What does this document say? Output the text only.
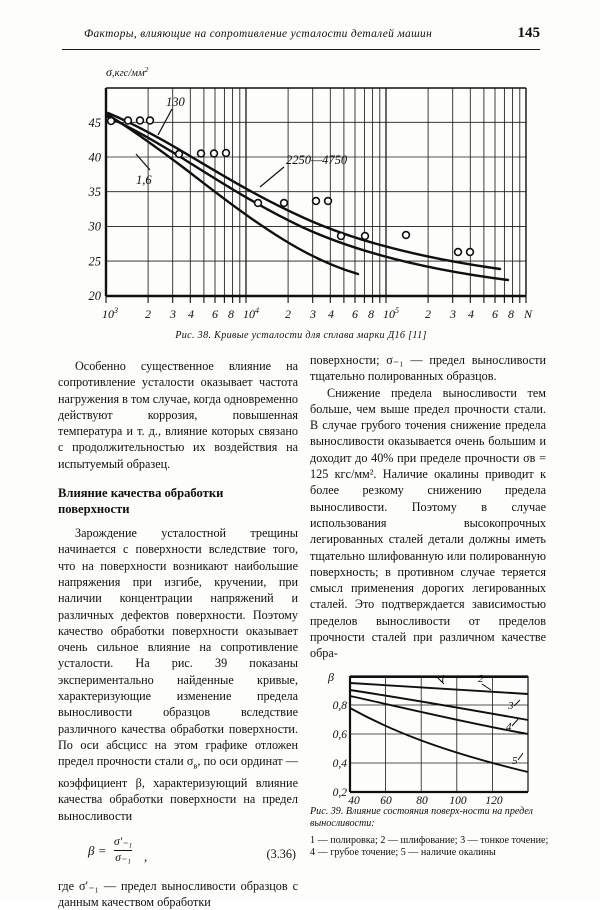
Факторы, влияющие на сопротивление усталости деталей машин	145
$\sigma,кгс/мм^2$
45
40
35
30
25
20
$10^3$ 2 3 4 6 8 $10^4$ 2 3 4 6 8 $10^5$ 2 3 4 6 8 N
130
1,6
2250—4750
Рис. 38. Кривые усталости для сплава марки Д16 [11]

Особенно существенное влияние на сопротивление усталости оказывает частота нагружения в том случае, когда одновременно действуют коррозия, повышенная температура и т. д., влияние которых связано с продолжительностью их воздействия на испытуемый образец.

Влияние качества обработки поверхности

Зарождение усталостной трещины начинается с поверхности вследствие того, что на поверхности возникают наибольшие напряжения при изгибе, кручении, при наличии концентрации напряжений и различных дефектов поверхности. Поэтому качество обработки поверхности оказывает очень сильное влияние на сопротивление усталости. На рис. 39 показаны экспериментально найденные кривые, характеризующие изменение предела выносливости образцов вследствие различного качества обработки поверхности. По оси абсцисс на этом графике отложен предел прочности стали $\sigma_в$, по оси ординат — коэффициент β, характеризующий влияние качества обработки поверхности на предел выносливости

β =
σ′₋₁
σ₋₁ ,	(3.36)

где σ′₋₁ — предел выносливости образцов с данным качеством обработки

поверхности; σ₋₁ — предел выносливости тщательно полированных образцов.

Снижение предела выносливости тем больше, чем выше предел прочности стали. В случае грубого точения снижение предела выносливости оказывается очень большим и доходит до 40% при пределе прочности σв = 125 кгс/мм². Наличие окалины приводит к более резкому снижению предела выносливости. Поэтому в случае использования высокопрочных легированных сталей детали должны иметь тщательно шлифованную или полированную поверхность; в противном случае теряется смысл применения дорогих легированных сталей. Это подтверждается зависимостью пределов выносливости от пределов прочности сталей при различном качестве обра-

β
0,8
0,6
0,4
0,2
40 60 80 100 120
1	2
3
4
5
Рис. 39. Влияние состояния поверх-ности на предел выносливости:
1 — полировка; 2 — шлифование; 3 — тонкое точение; 4 — грубое точение; 5 — наличие окалины
